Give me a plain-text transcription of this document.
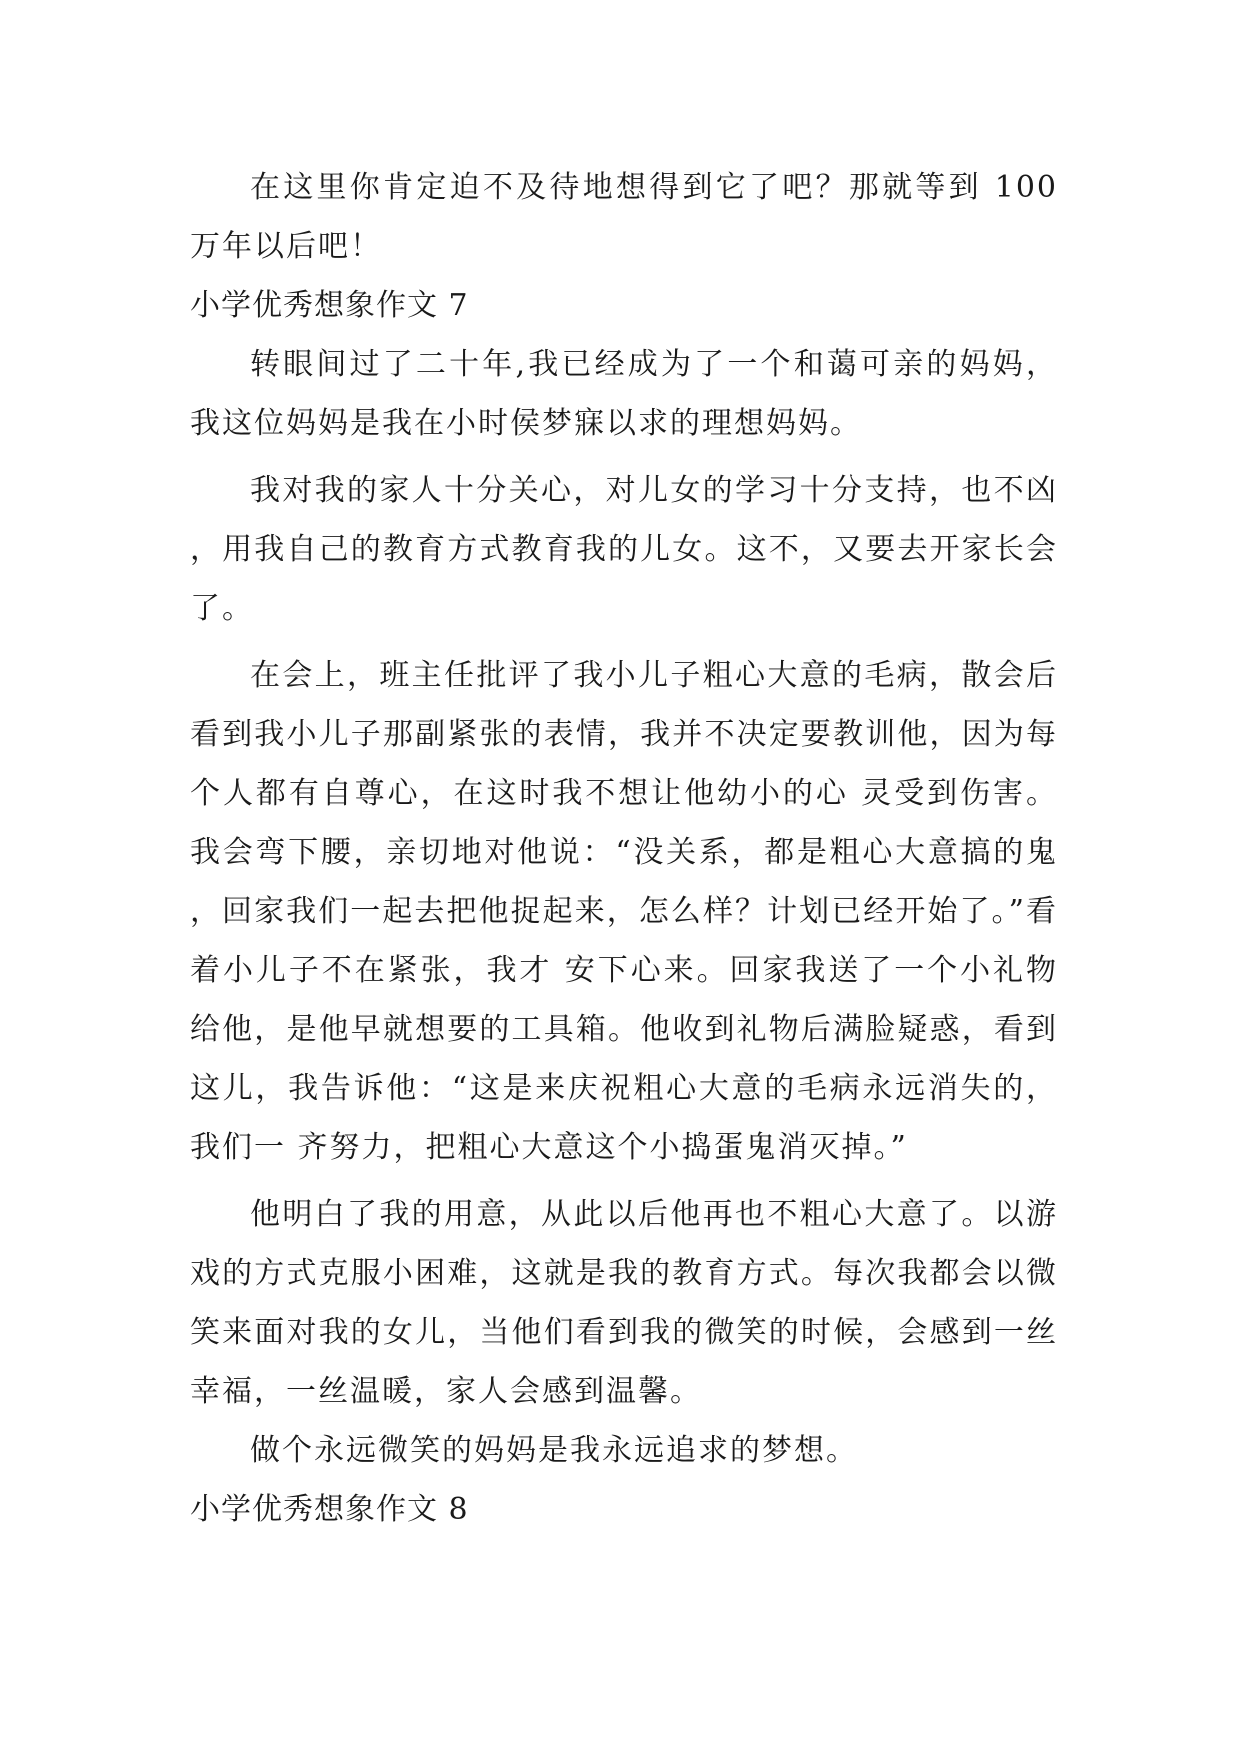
在这里你肯定迫不及待地想得到它了吧？那就等到 100 万年以后吧！

小学优秀想象作文 7

转眼间过了二十年,我已经成为了一个和蔼可亲的妈妈，我这位妈妈是我在小时侯梦寐以求的理想妈妈。

我对我的家人十分关心，对儿女的学习十分支持，也不凶，用我自己的教育方式教育我的儿女。这不，又要去开家长会了。

在会上，班主任批评了我小儿子粗心大意的毛病，散会后看到我小儿子那副紧张的表情，我并不决定要教训他，因为每个人都有自尊心，在这时我不想让他幼小的心 灵受到伤害。我会弯下腰，亲切地对他说：“没关系，都是粗心大意搞的鬼，回家我们一起去把他捉起来，怎么样？计划已经开始了。”看着小儿子不在紧张，我才 安下心来。回家我送了一个小礼物给他，是他早就想要的工具箱。他收到礼物后满脸疑惑，看到这儿，我告诉他：“这是来庆祝粗心大意的毛病永远消失的，我们一 齐努力，把粗心大意这个小捣蛋鬼消灭掉。”

他明白了我的用意，从此以后他再也不粗心大意了。以游戏的方式克服小困难，这就是我的教育方式。每次我都会以微笑来面对我的女儿，当他们看到我的微笑的时候，会感到一丝幸福，一丝温暖，家人会感到温馨。

做个永远微笑的妈妈是我永远追求的梦想。

小学优秀想象作文 8
